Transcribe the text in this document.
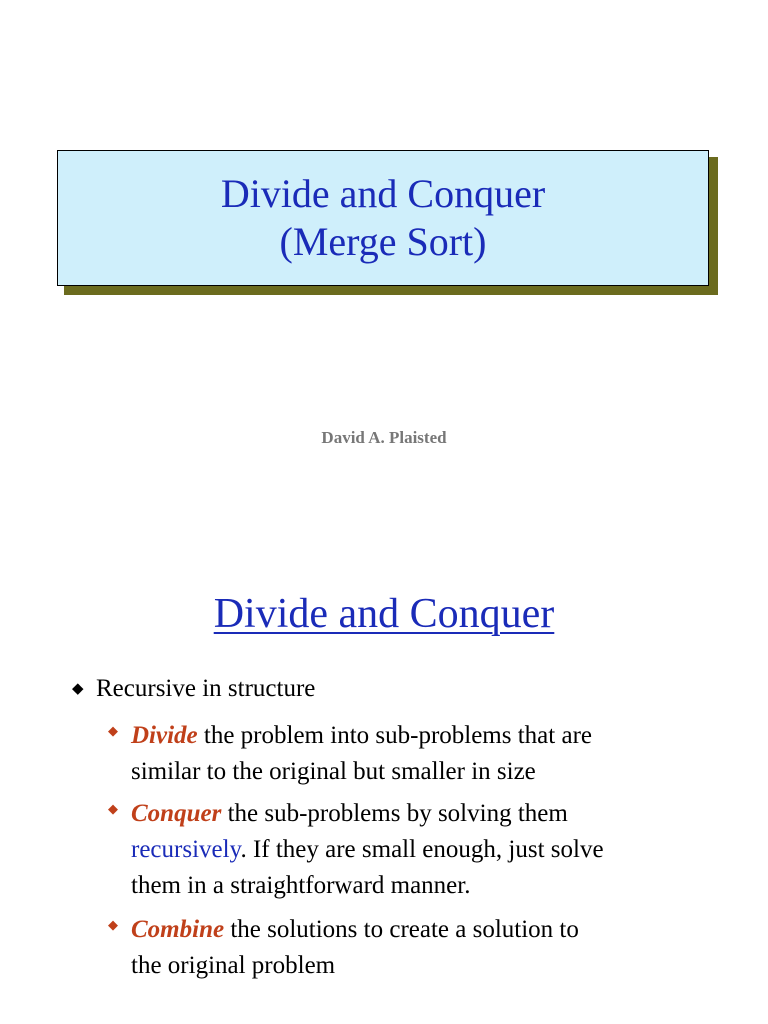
Divide and Conquer
(Merge Sort)
David A. Plaisted
Divide and Conquer
◆ Recursive in structure
◆ Divide the problem into sub-problems that are
similar to the original but smaller in size
◆ Conquer the sub-problems by solving them
recursively. If they are small enough, just solve
them in a straightforward manner.
◆ Combine the solutions to create a solution to
the original problem
